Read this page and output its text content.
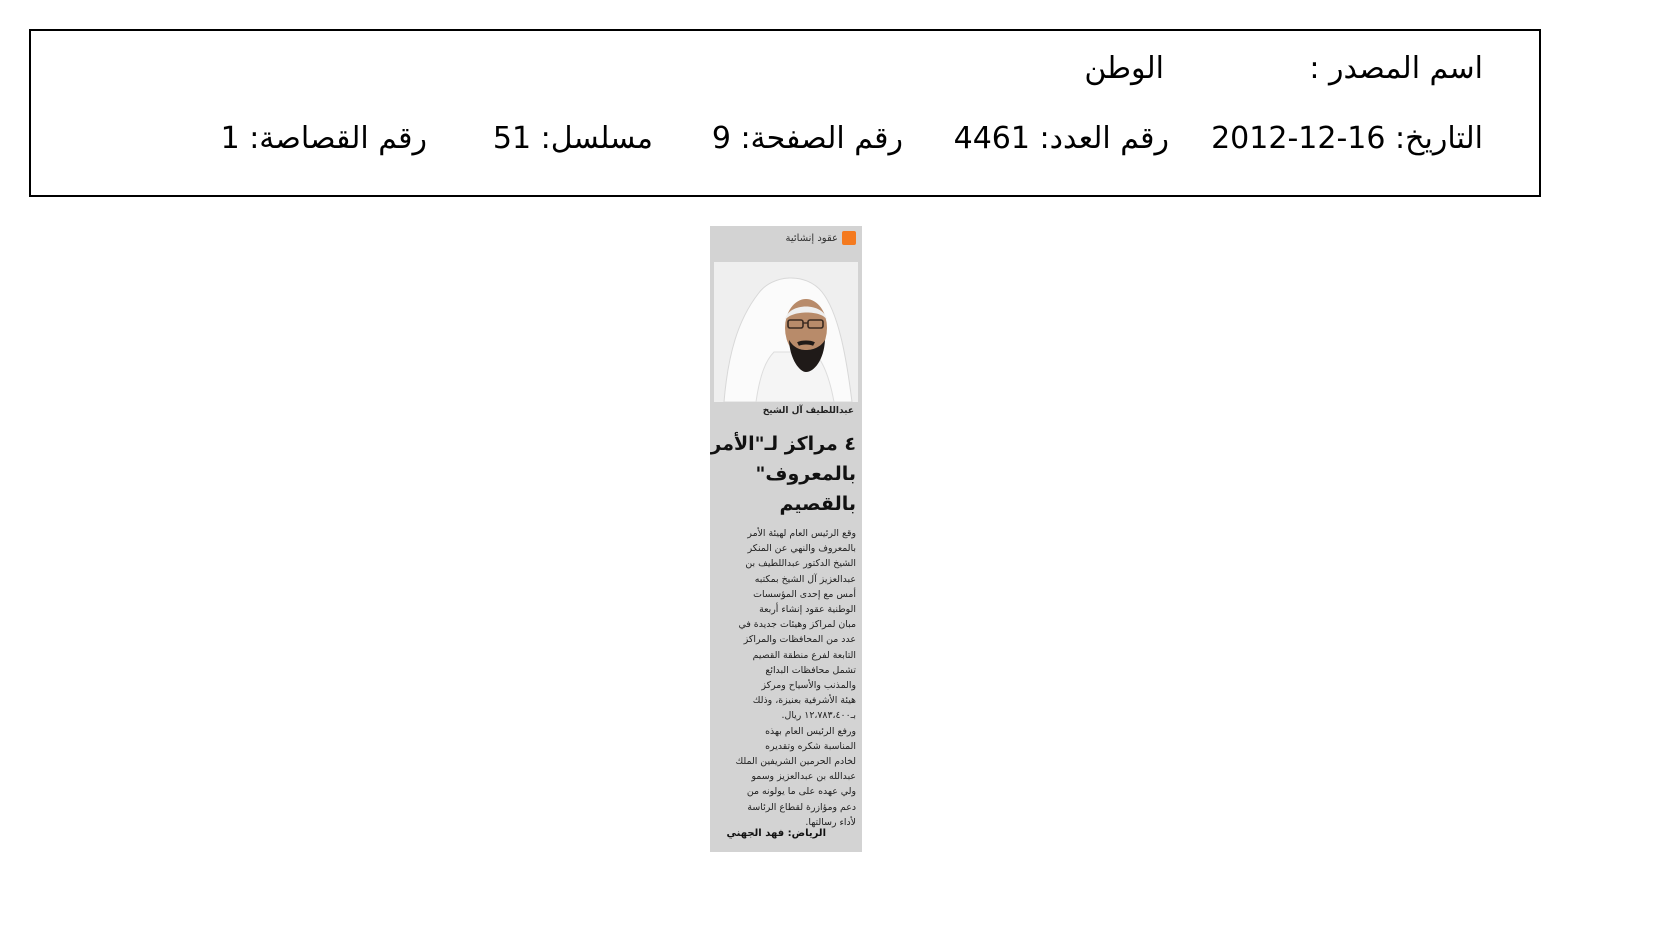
اسم المصدر :
الوطن
التاريخ: 16-12-2012
رقم العدد: 4461
رقم الصفحة: 9
مسلسل: 51
رقم القصاصة: 1
عقود إنشائية
عبداللطيف آل الشيخ
٤ مراكز لـ"الأمر
بالمعروف"
بالقصيم
وقع الرئيس العام لهيئة الأمر
بالمعروف والنهي عن المنكر
الشيخ الدكتور عبداللطيف بن
عبدالعزيز آل الشيخ بمكتبه
أمس مع إحدى المؤسسات
الوطنية عقود إنشاء أربعة
مبان لمراكز وهيئات جديدة في
عدد من المحافظات والمراكز
التابعة لفرع منطقة القصيم
تشمل محافظات البدائع
والمذنب والأسياح ومركز
هيئة الأشرفية بعنيزة، وذلك
بـ١٢،٧٨٣،٤٠٠ ريال.
ورفع الرئيس العام بهذه
المناسبة شكره وتقديره
لخادم الحرمين الشريفين الملك
عبدالله بن عبدالعزيز وسمو
ولي عهده على ما يولونه من
دعم ومؤازرة لقطاع الرئاسة
لأداء رسالتها.
الرياض: فهد الجهني
